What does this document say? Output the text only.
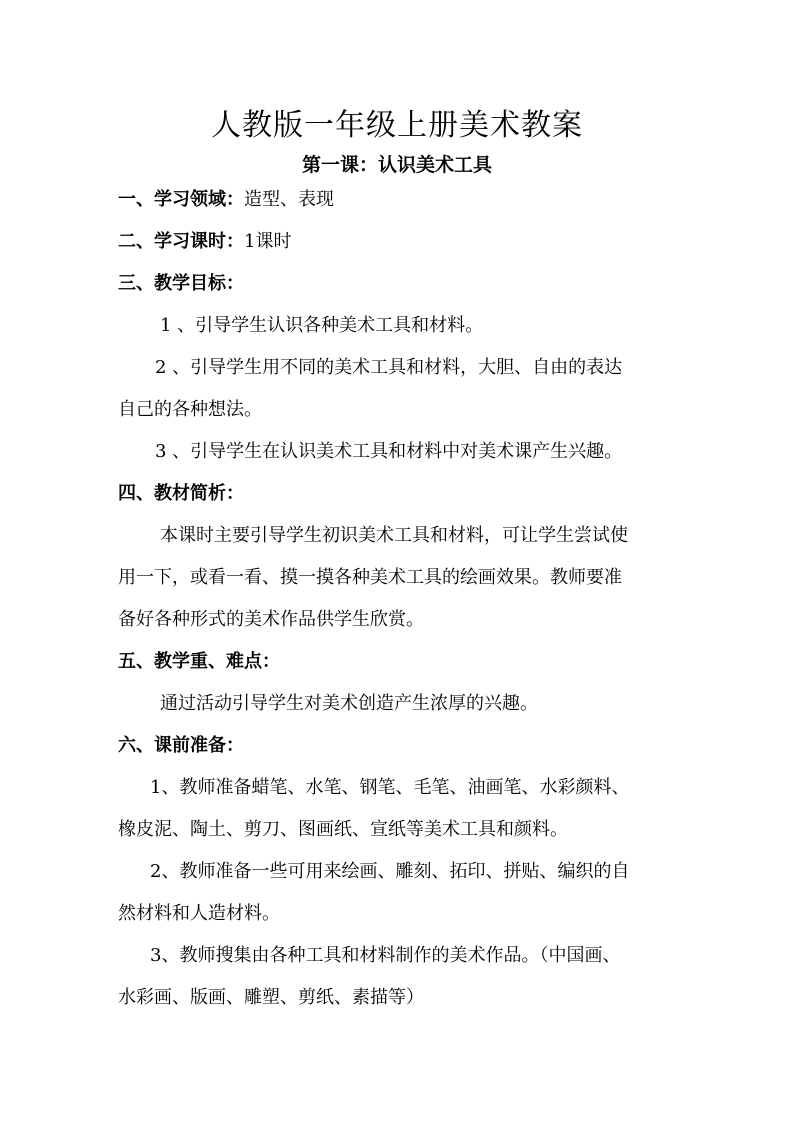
人教版一年级上册美术教案
第一课：认识美术工具
一、学习领域：造型、表现
二、学习课时：1课时
三、教学目标：
1 、引导学生认识各种美术工具和材料。
2 、引导学生用不同的美术工具和材料，大胆、自由的表达
自己的各种想法。
3 、引导学生在认识美术工具和材料中对美术课产生兴趣。
四、教材简析：
本课时主要引导学生初识美术工具和材料，可让学生尝试使
用一下，或看一看、摸一摸各种美术工具的绘画效果。教师要准
备好各种形式的美术作品供学生欣赏。
五、教学重、难点：
通过活动引导学生对美术创造产生浓厚的兴趣。
六、课前准备：
1、教师准备蜡笔、水笔、钢笔、毛笔、油画笔、水彩颜料、
橡皮泥、陶土、剪刀、图画纸、宣纸等美术工具和颜料。
2、教师准备一些可用来绘画、雕刻、拓印、拼贴、编织的自
然材料和人造材料。
3、教师搜集由各种工具和材料制作的美术作品。（中国画、
水彩画、版画、雕塑、剪纸、素描等）
